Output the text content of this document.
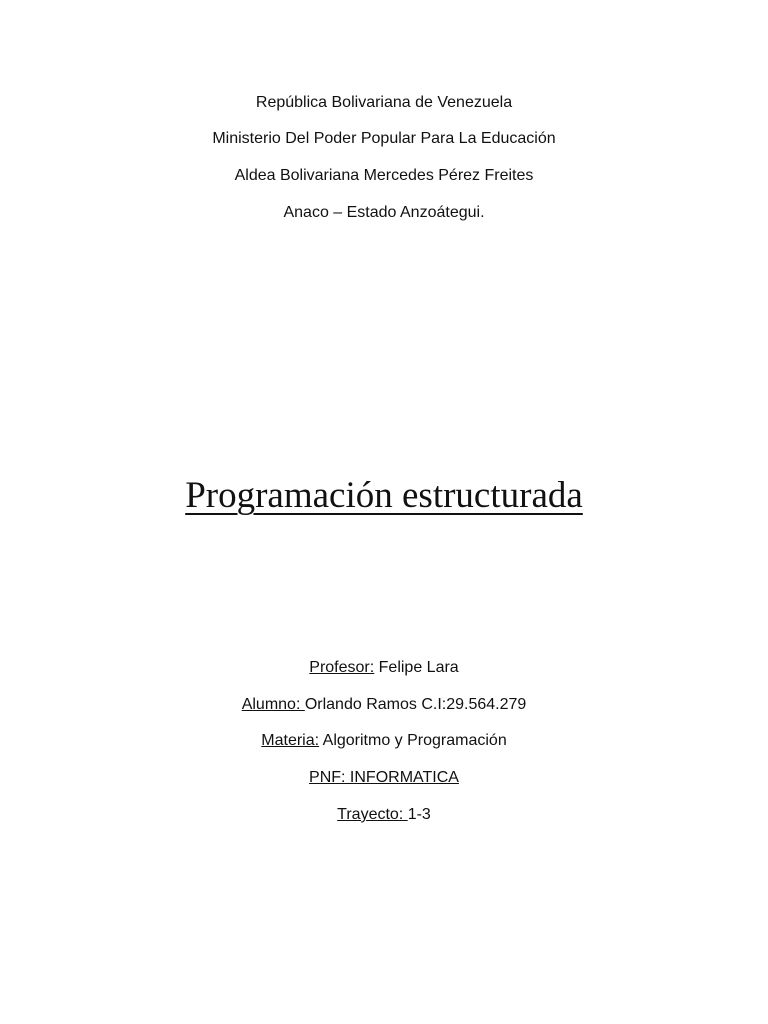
República Bolivariana de Venezuela
Ministerio Del Poder Popular Para La Educación
Aldea Bolivariana Mercedes Pérez Freites
Anaco – Estado Anzoátegui.
Programación estructurada
Profesor: Felipe Lara
Alumno: Orlando Ramos C.I:29.564.279
Materia: Algoritmo y Programación
PNF: INFORMATICA
Trayecto: 1-3
